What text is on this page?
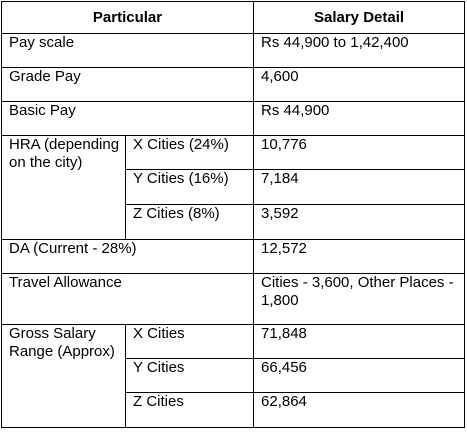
Particular		Salary Detail
Pay scale		Rs 44,900 to 1,42,400
Grade Pay		4,600
Basic Pay		Rs 44,900
HRA (depending on the city)	X Cities (24%)	10,776
	Y Cities (16%)	7,184
	Z Cities (8%)	3,592
DA (Current - 28%)		12,572
Travel Allowance		Cities - 3,600, Other Places - 1,800
Gross Salary Range (Approx)	X Cities	71,848
	Y Cities	66,456
	Z Cities	62,864
